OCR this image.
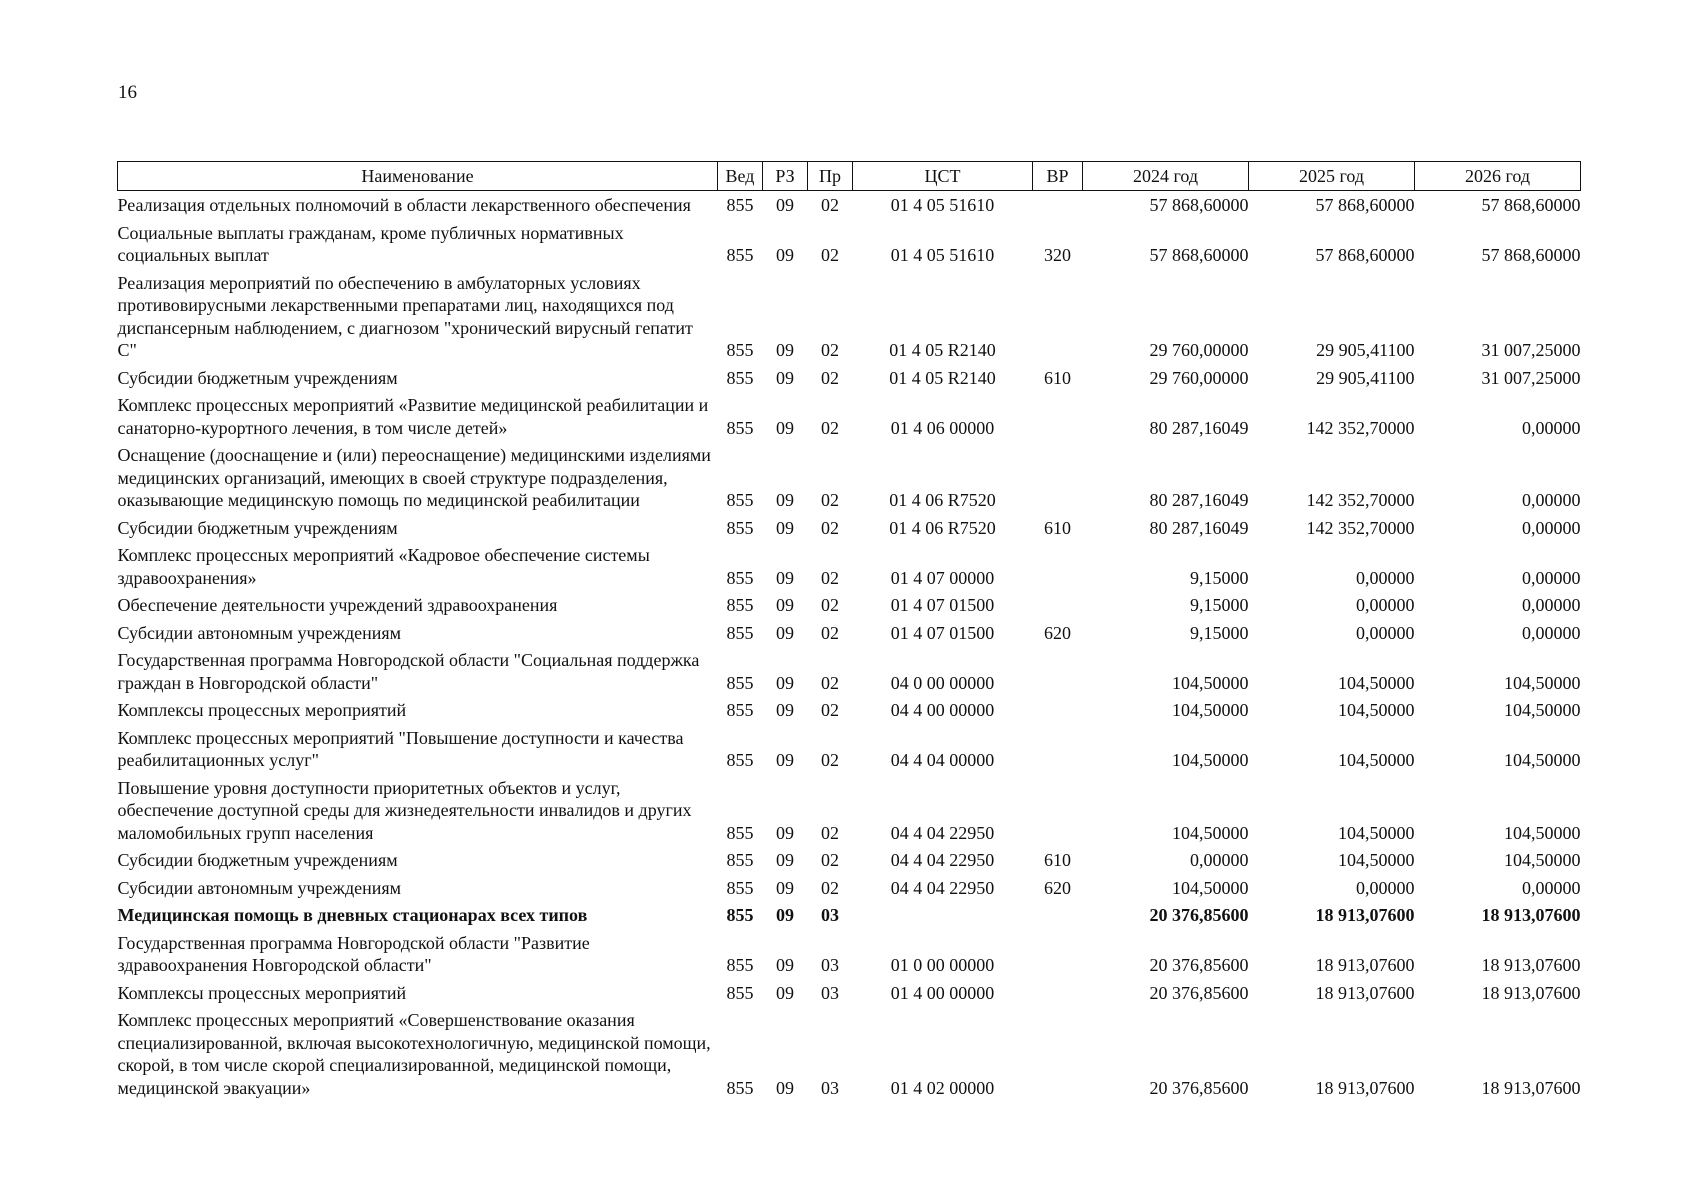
16
Наименование	Вед	РЗ	Пр	ЦСТ	ВР	2024 год	2025 год	2026 год
Реализация отдельных полномочий в области лекарственного обеспечения	855	09	02	01 4 05 51610		57 868,60000	57 868,60000	57 868,60000
Социальные выплаты гражданам, кроме публичных нормативных социальных выплат	855	09	02	01 4 05 51610	320	57 868,60000	57 868,60000	57 868,60000
Реализация мероприятий по обеспечению в амбулаторных условиях противовирусными лекарственными препаратами лиц, находящихся под диспансерным наблюдением, с диагнозом "хронический вирусный гепатит С"	855	09	02	01 4 05 R2140		29 760,00000	29 905,41100	31 007,25000
Субсидии бюджетным учреждениям	855	09	02	01 4 05 R2140	610	29 760,00000	29 905,41100	31 007,25000
Комплекс процессных мероприятий «Развитие медицинской реабилитации и санаторно-курортного лечения, в том числе детей»	855	09	02	01 4 06 00000		80 287,16049	142 352,70000	0,00000
Оснащение (дооснащение и (или) переоснащение) медицинскими изделиями медицинских организаций, имеющих в своей структуре подразделения, оказывающие медицинскую помощь по медицинской реабилитации	855	09	02	01 4 06 R7520		80 287,16049	142 352,70000	0,00000
Субсидии бюджетным учреждениям	855	09	02	01 4 06 R7520	610	80 287,16049	142 352,70000	0,00000
Комплекс процессных мероприятий «Кадровое обеспечение системы здравоохранения»	855	09	02	01 4 07 00000		9,15000	0,00000	0,00000
Обеспечение деятельности учреждений здравоохранения	855	09	02	01 4 07 01500		9,15000	0,00000	0,00000
Субсидии автономным учреждениям	855	09	02	01 4 07 01500	620	9,15000	0,00000	0,00000
Государственная программа Новгородской области "Социальная поддержка граждан в Новгородской области"	855	09	02	04 0 00 00000		104,50000	104,50000	104,50000
Комплексы процессных мероприятий	855	09	02	04 4 00 00000		104,50000	104,50000	104,50000
Комплекс процессных мероприятий "Повышение доступности и качества реабилитационных услуг"	855	09	02	04 4 04 00000		104,50000	104,50000	104,50000
Повышение уровня доступности приоритетных объектов и услуг, обеспечение доступной среды для жизнедеятельности инвалидов и других маломобильных групп населения	855	09	02	04 4 04 22950		104,50000	104,50000	104,50000
Субсидии бюджетным учреждениям	855	09	02	04 4 04 22950	610	0,00000	104,50000	104,50000
Субсидии автономным учреждениям	855	09	02	04 4 04 22950	620	104,50000	0,00000	0,00000
Медицинская помощь в дневных стационарах всех типов	855	09	03			20 376,85600	18 913,07600	18 913,07600
Государственная программа Новгородской области "Развитие здравоохранения Новгородской области"	855	09	03	01 0 00 00000		20 376,85600	18 913,07600	18 913,07600
Комплексы процессных мероприятий	855	09	03	01 4 00 00000		20 376,85600	18 913,07600	18 913,07600
Комплекс процессных мероприятий «Совершенствование оказания специализированной, включая высокотехнологичную, медицинской помощи, скорой, в том числе скорой специализированной, медицинской помощи, медицинской эвакуации»	855	09	03	01 4 02 00000		20 376,85600	18 913,07600	18 913,07600
